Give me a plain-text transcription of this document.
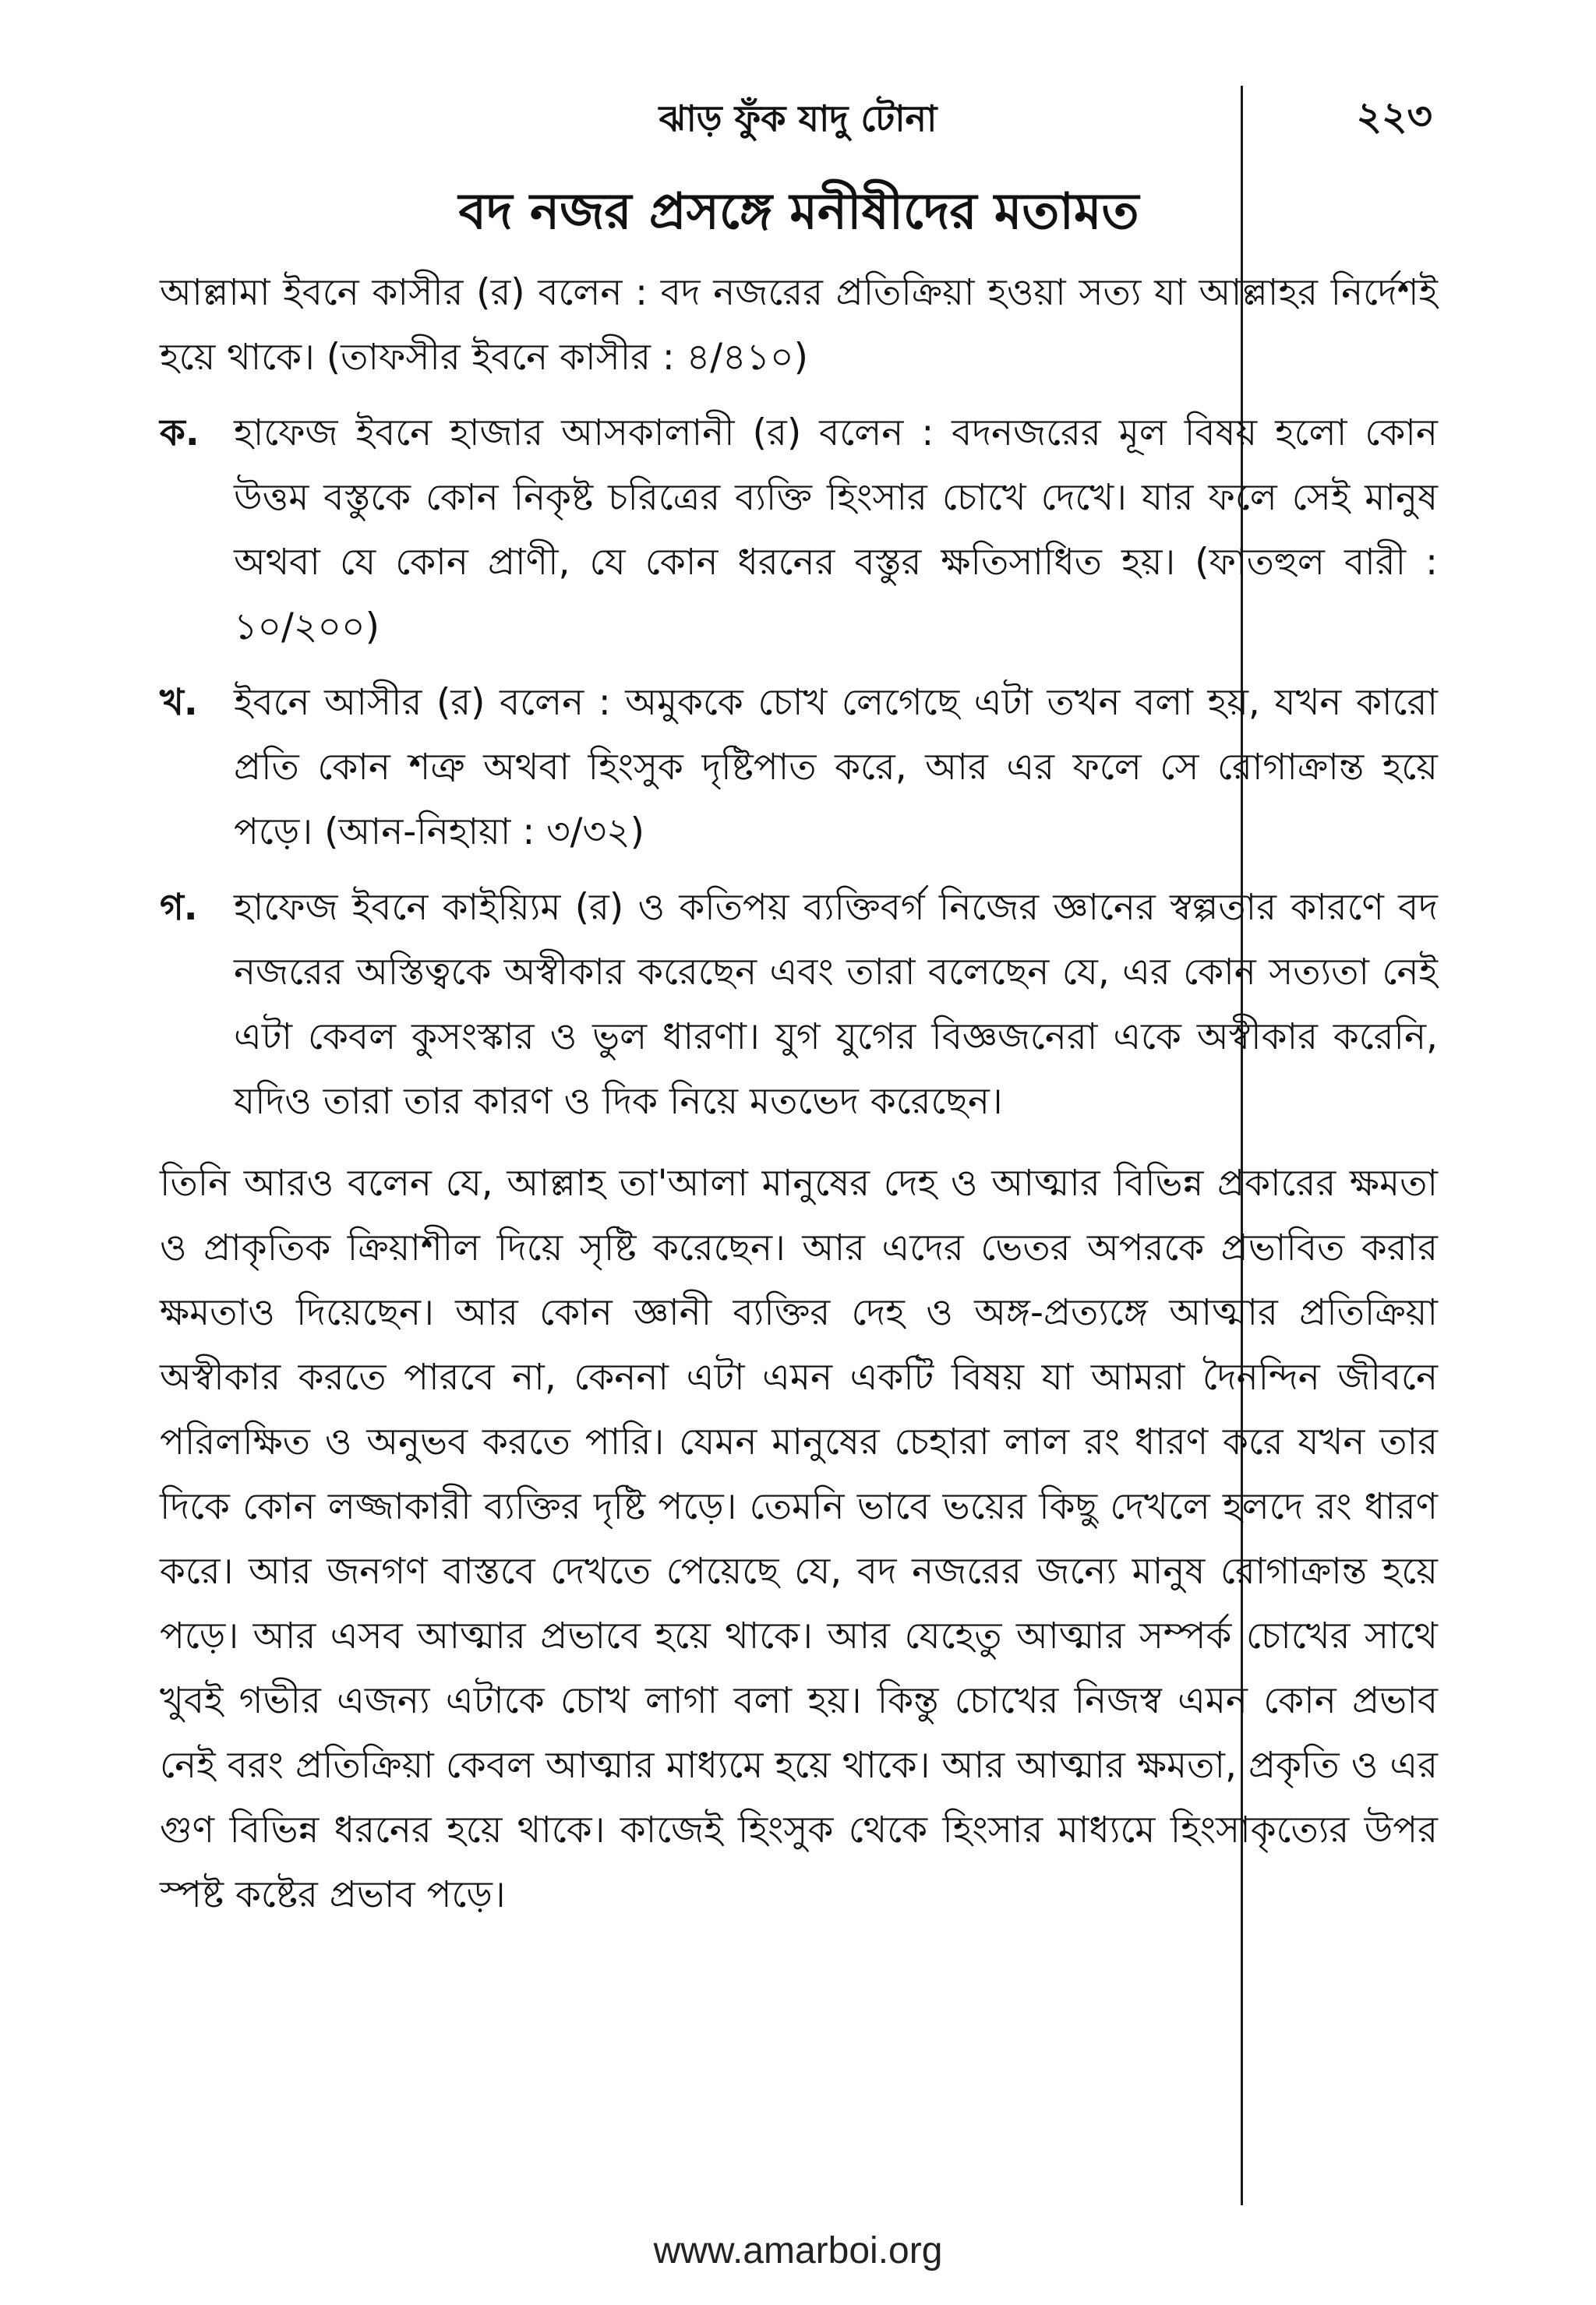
ঝাড় ফুঁক যাদু টোনা	২২৩
বদ নজর প্রসঙ্গে মনীষীদের মতামত

আল্লামা ইবনে কাসীর (র) বলেন : বদ নজরের প্রতিক্রিয়া হওয়া সত্য যা আল্লাহর নির্দেশই হয়ে থাকে। (তাফসীর ইবনে কাসীর : ৪/৪১০)

ক. হাফেজ ইবনে হাজার আসকালানী (র) বলেন : বদনজরের মূল বিষয় হলো কোন উত্তম বস্তুকে কোন নিকৃষ্ট চরিত্রের ব্যক্তি হিংসার চোখে দেখে। যার ফলে সেই মানুষ অথবা যে কোন প্রাণী, যে কোন ধরনের বস্তুর ক্ষতিসাধিত হয়। (ফাতহুল বারী : ১০/২০০)
খ. ইবনে আসীর (র) বলেন : অমুককে চোখ লেগেছে এটা তখন বলা হয়, যখন কারো প্রতি কোন শত্রু অথবা হিংসুক দৃষ্টিপাত করে, আর এর ফলে সে রোগাক্রান্ত হয়ে পড়ে। (আন-নিহায়া : ৩/৩২)
গ. হাফেজ ইবনে কাইয়্যিম (র) ও কতিপয় ব্যক্তিবর্গ নিজের জ্ঞানের স্বল্পতার কারণে বদ নজরের অস্তিত্বকে অস্বীকার করেছেন এবং তারা বলেছেন যে, এর কোন সত্যতা নেই এটা কেবল কুসংস্কার ও ভুল ধারণা। যুগ যুগের বিজ্ঞজনেরা একে অস্বীকার করেনি, যদিও তারা তার কারণ ও দিক নিয়ে মতভেদ করেছেন।

তিনি আরও বলেন যে, আল্লাহ তা'আলা মানুষের দেহ ও আত্মার বিভিন্ন প্রকারের ক্ষমতা ও প্রাকৃতিক ক্রিয়াশীল দিয়ে সৃষ্টি করেছেন। আর এদের ভেতর অপরকে প্রভাবিত করার ক্ষমতাও দিয়েছেন। আর কোন জ্ঞানী ব্যক্তির দেহ ও অঙ্গ-প্রত্যঙ্গে আত্মার প্রতিক্রিয়া অস্বীকার করতে পারবে না, কেননা এটা এমন একটি বিষয় যা আমরা দৈনন্দিন জীবনে পরিলক্ষিত ও অনুভব করতে পারি। যেমন মানুষের চেহারা লাল রং ধারণ করে যখন তার দিকে কোন লজ্জাকারী ব্যক্তির দৃষ্টি পড়ে। তেমনি ভাবে ভয়ের কিছু দেখলে হলদে রং ধারণ করে। আর জনগণ বাস্তবে দেখতে পেয়েছে যে, বদ নজরের জন্যে মানুষ রোগাক্রান্ত হয়ে পড়ে। আর এসব আত্মার প্রভাবে হয়ে থাকে। আর যেহেতু আত্মার সম্পর্ক চোখের সাথে খুবই গভীর এজন্য এটাকে চোখ লাগা বলা হয়। কিন্তু চোখের নিজস্ব এমন কোন প্রভাব নেই বরং প্রতিক্রিয়া কেবল আত্মার মাধ্যমে হয়ে থাকে। আর আত্মার ক্ষমতা, প্রকৃতি ও এর গুণ বিভিন্ন ধরনের হয়ে থাকে। কাজেই হিংসুক থেকে হিংসার মাধ্যমে হিংসাকৃত্যের উপর স্পষ্ট কষ্টের প্রভাব পড়ে।

www.amarboi.org
